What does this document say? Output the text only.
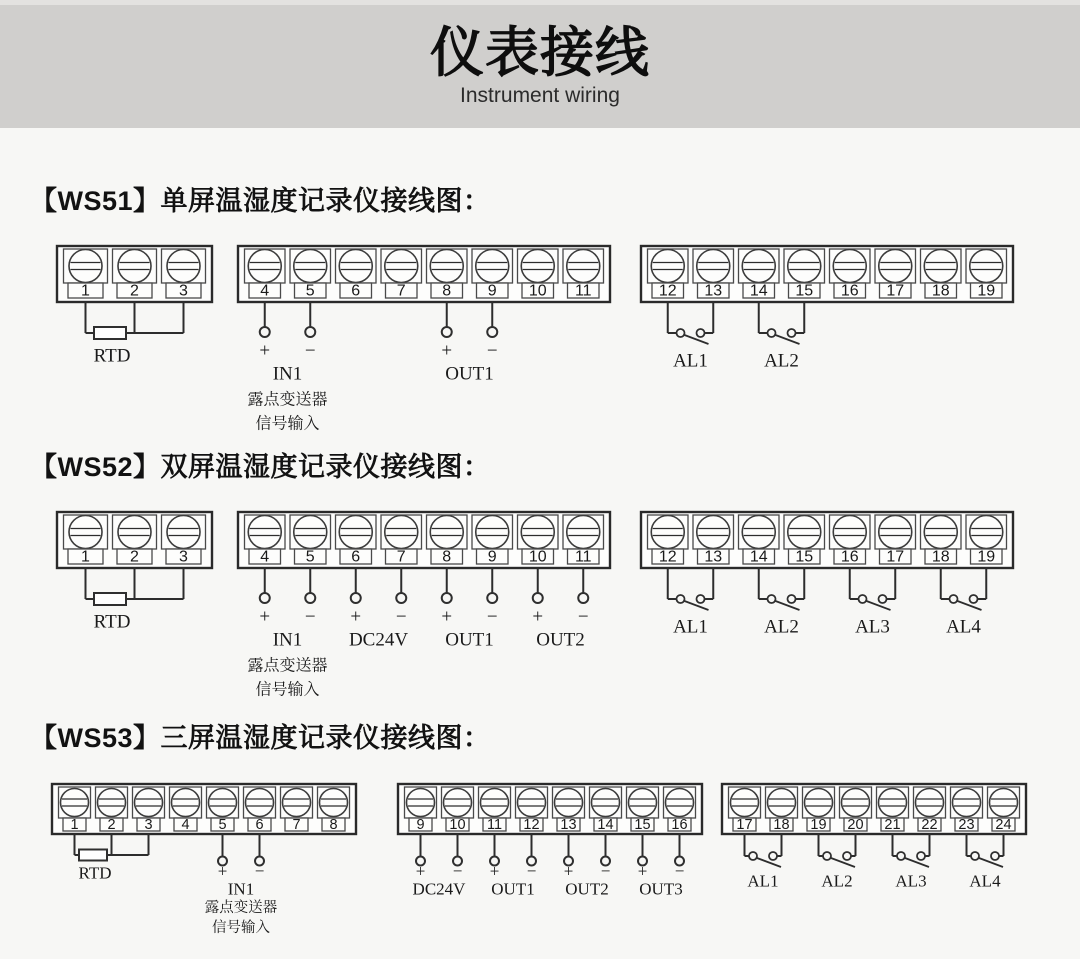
仪表接线
Instrument wiring
【WS51】单屏温湿度记录仪接线图：
1	2	3
RTD
4 5 6 7 8 9 10 11
+ −
IN1
露点变送器
信号输入
+ −
OUT1
12 13 14 15 16 17 18 19
AL1	AL2
【WS52】双屏温湿度记录仪接线图：
1	2	3
RTD
4 5 6 7 8 9 10 11
+ −
IN1
露点变送器
信号输入
+ −
DC24V
+ −
OUT1
+ −
OUT2
12 13 14 15 16 17 18 19
AL1	AL2	AL3	AL4
【WS53】三屏温湿度记录仪接线图：
1 2 3 4 5 6 7 8
RTD	+ −
IN1
露点变送器
信号输入
9 10 11 12 13 14 15 16
+ −
DC24V
+ −
OUT1
+ −
OUT2
+ −
OUT3
17 18 19 20 21 22 23 24
AL1	AL2	AL3	AL4
